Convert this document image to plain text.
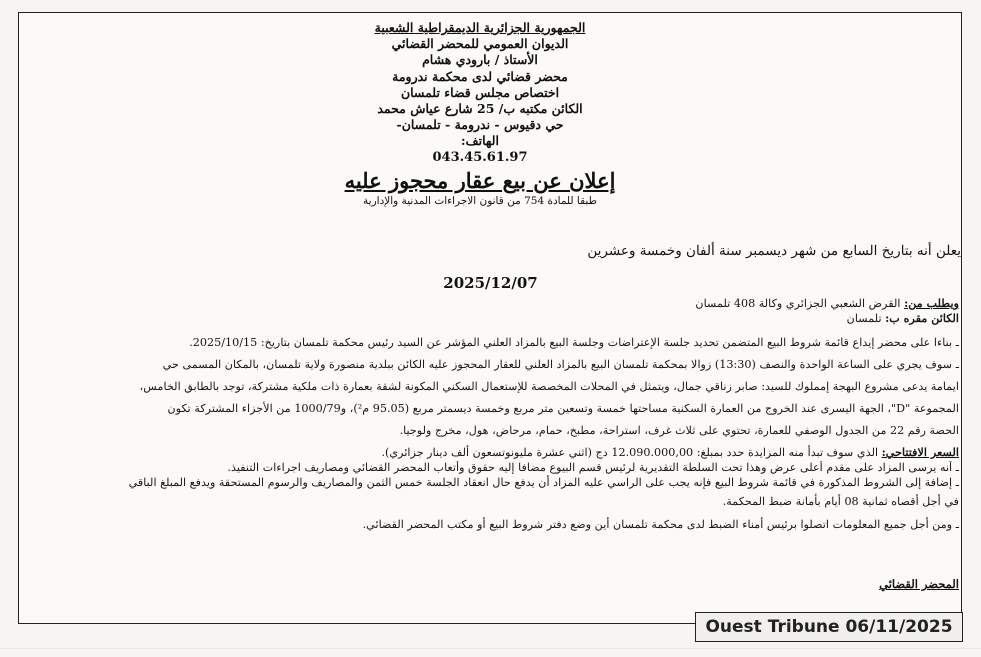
الجمهورية الجزائرية الديمقراطية الشعبية
الديوان العمومي للمحضر القضائي
الأستاذ / بارودي هشام
محضر قضائي لدى محكمة ندرومة
اختصاص مجلس قضاء تلمسان
الكائن مكتبه ب/ 25 شارع عياش محمد
حي دقيوس - ندرومة - تلمسان-
الهاتف:
043.45.61.97
إعلان عن بيع عقار محجوز عليه
طبقا للمادة 754 من قانون الاجراءات المدنية والإدارية
يعلن أنه بتاريخ السابع من شهر ديسمبر سنة ألفان وخمسة وعشرين
2025/12/07
ويطلب من: القرض الشعبي الجزائري وكالة 408 تلمسان
الكائن مقره ب: تلمسان
ـ بناءا على محضر إيداع قائمة شروط البيع المتضمن تحديد جلسة الإعتراضات وجلسة البيع بالمزاد العلني المؤشر عن السيد رئيس محكمة تلمسان بتاريخ: 2025/10/15.
ـ سوف يجري على الساعة الواحدة والنصف (13:30) زوالا بمحكمة تلمسان البيع بالمزاد العلني للعقار المحجوز عليه الكائن ببلدية منصورة ولاية تلمسان، بالمكان المسمى حي
ايمامة يدعى مشروع البهجة إمملوك للسيد: صابر زناقي جمال، ويتمثل في المحلات المخصصة للإستعمال السكني المكونة لشقة بعمارة ذات ملكية مشتركة، توجد بالطابق الخامس،
المجموعة "D"، الجهة اليسرى عند الخروج من العمارة السكنية مساحتها خمسة وتسعين متر مربع وخمسة ديسمتر مربع (95.05 م²)، و1000/79 من الأجزاء المشتركة تكون
الحصة رقم 22 من الجدول الوصفي للعمارة، تحتوي على ثلاث غرف، استراحة، مطبخ، حمام، مرحاض، هول، مخرج ولوجيا.
السعر الافتتاحي: الذي سوف تبدأ منه المزايدة حدد بمبلغ: 12.090.000,00 دج (اثني عشرة مليونوتسعون ألف دينار جزائري).
ـ أنه يرسى المزاد على مقدم أعلى عرض وهذا تحت السلطة التقديرية لرئيس قسم البيوع مضافا إليه حقوق وأتعاب المحضر القضائي ومصاريف اجراءات التنفيذ.
ـ إضافة إلى الشروط المذكورة في قائمة شروط البيع فإنه يجب على الراسي عليه المزاد أن يدفع حال انعقاد الجلسة خمس الثمن والمصاريف والرسوم المستحقة ويدفع المبلغ الباقي
في أجل أقصاه ثمانية 08 أيام بأمانة ضبط المحكمة.
ـ ومن أجل جميع المعلومات اتصلوا برئيس أمناء الضبط لدى محكمة تلمسان أين وضع دفتر شروط البيع أو مكتب المحضر القضائي.
المحضر القضائي
Ouest Tribune 06/11/2025
